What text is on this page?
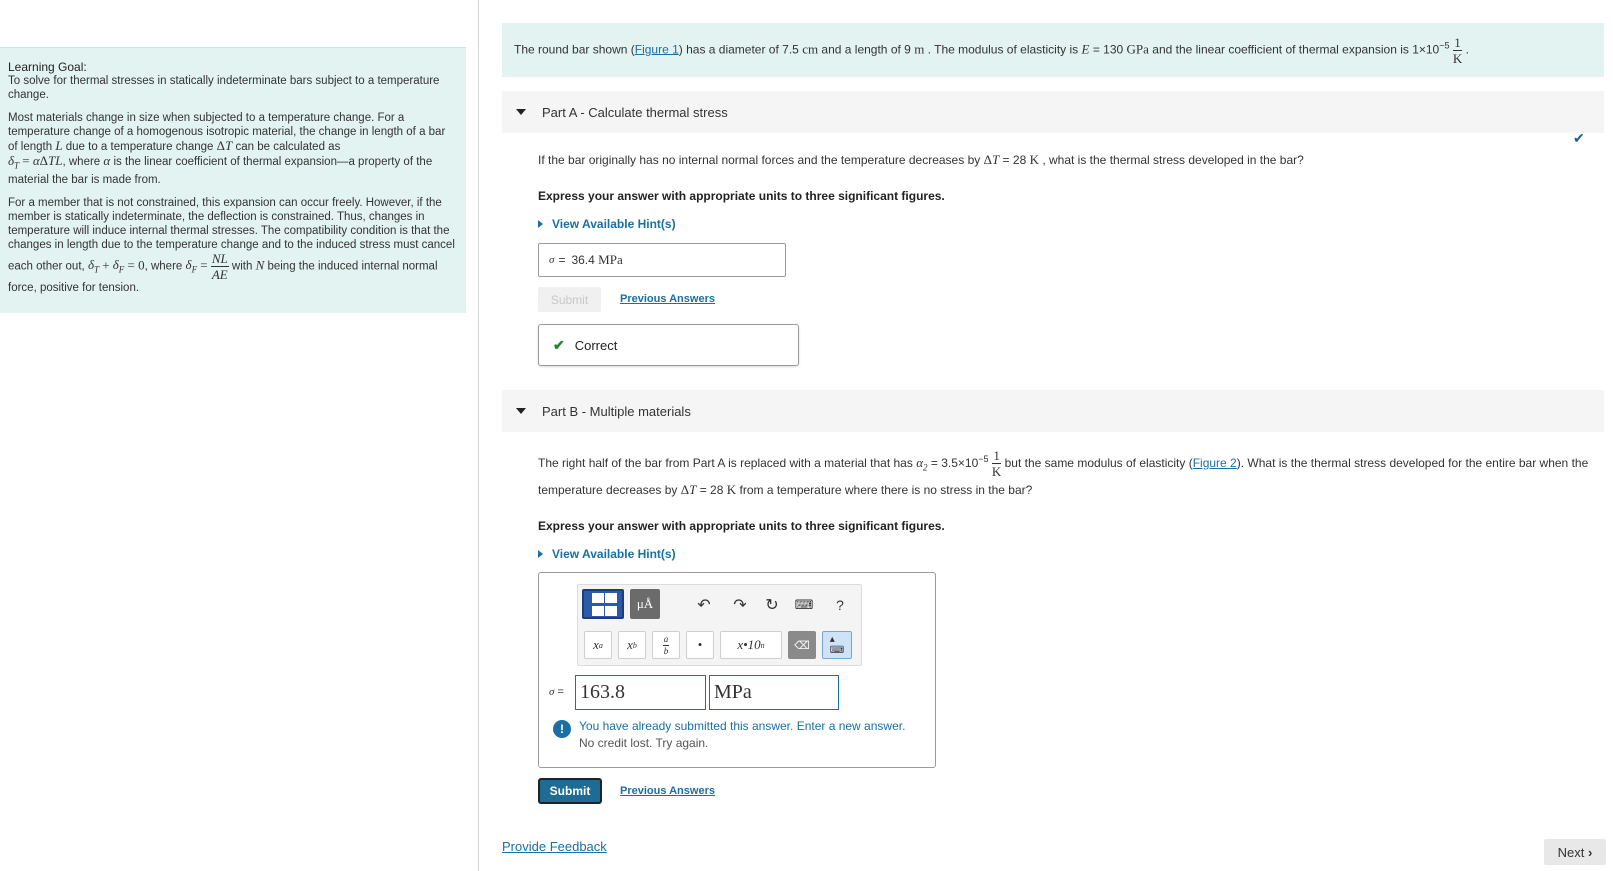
Learning Goal:

To solve for thermal stresses in statically indeterminate bars subject to a temperature change.

Most materials change in size when subjected to a temperature change. For a temperature change of a homogenous isotropic material, the change in length of a bar of length L due to a temperature change ΔT can be calculated as
$\delta_T = \alpha\Delta TL$, where α is the linear coefficient of thermal expansion—a property of the material the bar is made from.

For a member that is not constrained, this expansion can occur freely. However, if the member is statically indeterminate, the deflection is constrained. Thus, changes in temperature will induce internal thermal stresses. The compatibility condition is that the changes in length due to the temperature change and to the induced stress must cancel each other out, $\delta_T + \delta_F = 0$, where $\delta_F = \frac{NL}{AE}$ with N being the induced internal normal force, positive for tension.

The round bar shown (Figure 1) has a diameter of 7.5 cm and a length of 9 m . The modulus of elasticity is E = 130 GPa and the linear coefficient of thermal expansion is $1\times 10^{-5} \frac{1}{K}$ .
Part A - Calculate thermal stress
✔
If the bar originally has no internal normal forces and the temperature decreases by ΔT = 28 K , what is the thermal stress developed in the bar?
Express your answer with appropriate units to three significant figures.
View Available Hint(s)
σ = 36.4
MPa
Submit	Previous Answers
✔ Correct
Part B - Multiple materials
The right half of the bar from Part A is replaced with a material that has $\alpha_2 = 3.5\times 10^{-5} \frac{1}{K}$ but the same modulus of elasticity (Figure 2). What is the thermal stress developed for the entire bar when the temperature decreases by ΔT = 28 K from a temperature where there is no stress in the bar?
Express your answer with appropriate units to three significant figures.
View Available Hint(s)
μÅ	↶	↷	↻	⌨	?
x a x b	$\frac{a}{b}$	•	x•10 n	⌫	▴
⌨
σ = 163.8	MPa
!	You have already submitted this answer. Enter a new answer.
No credit lost. Try again.
Submit	Previous Answers
Provide Feedback	Next
›
